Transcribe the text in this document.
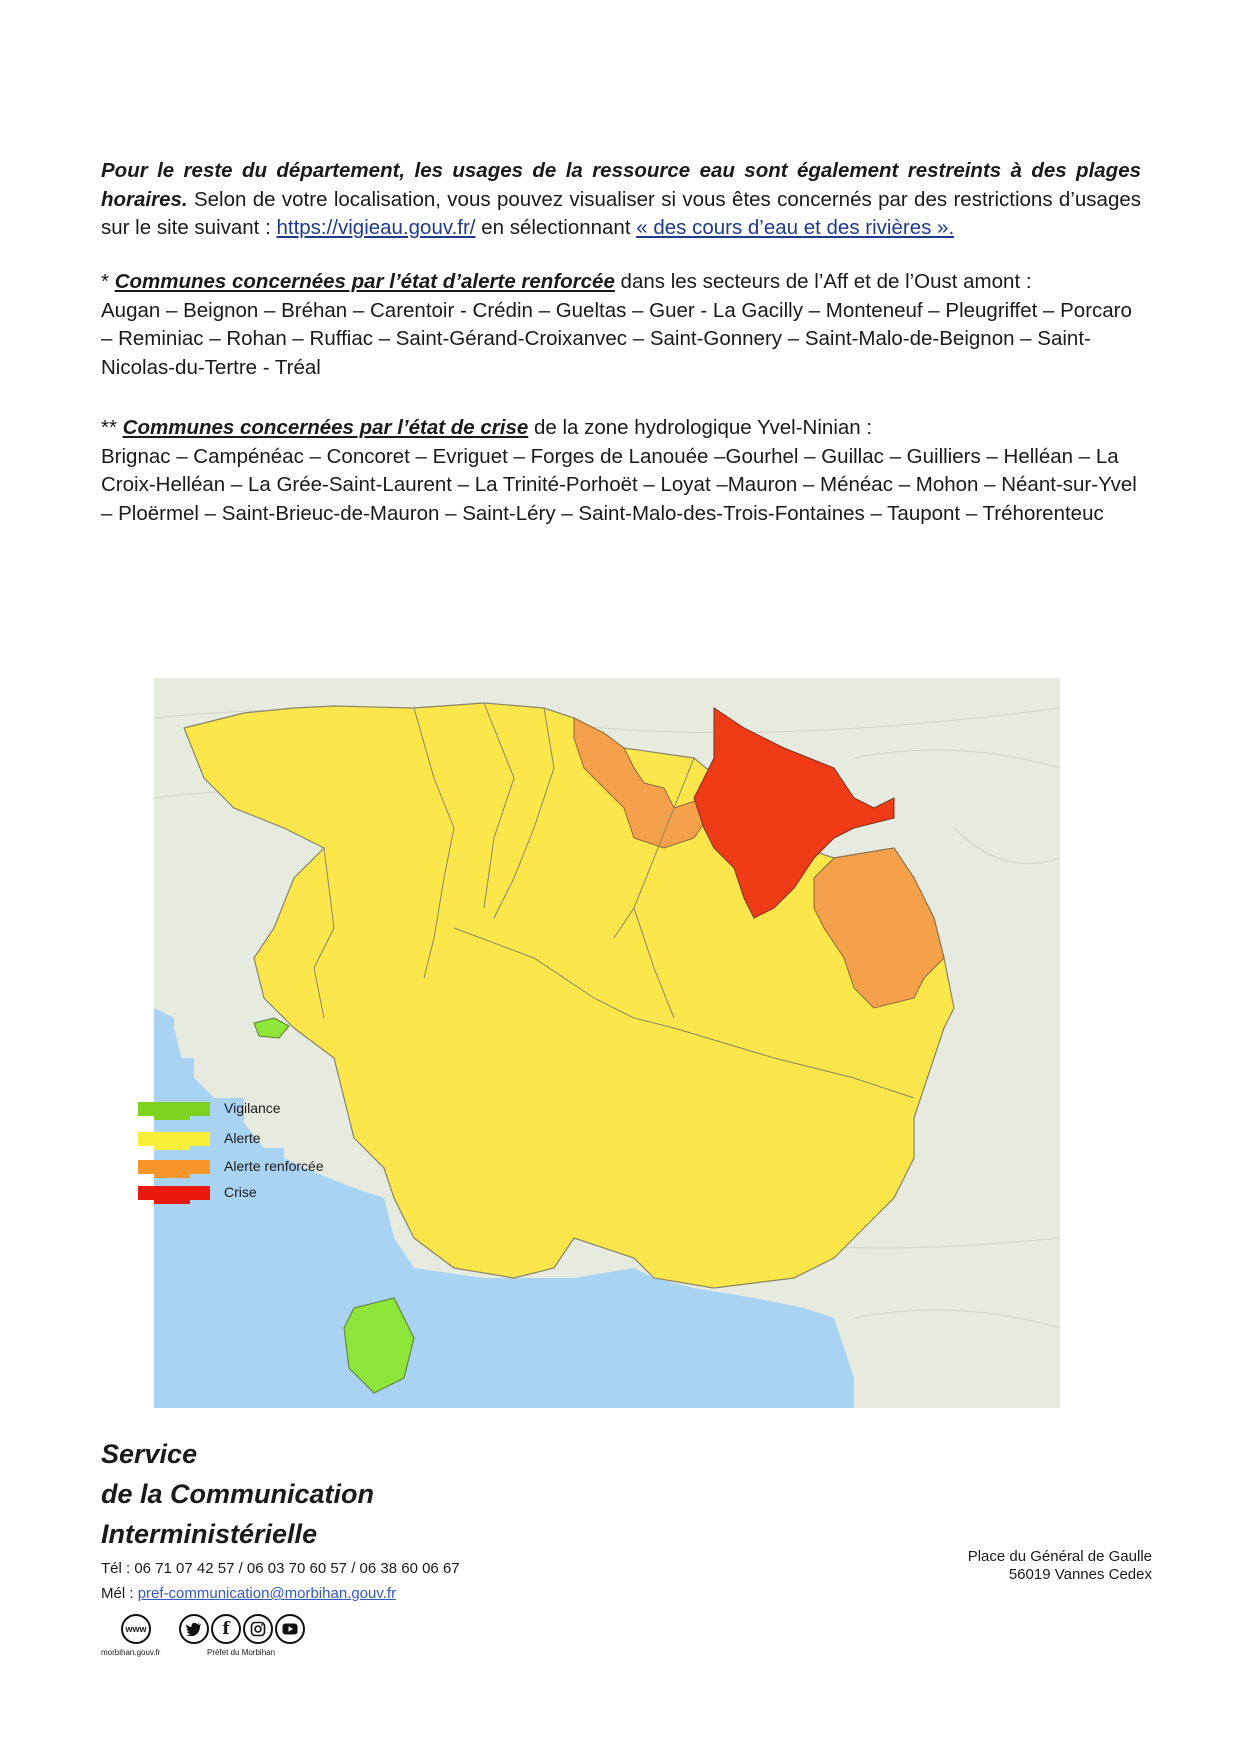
Pour le reste du département, les usages de la ressource eau sont également restreints à des plages horaires. Selon de votre localisation, vous pouvez visualiser si vous êtes concernés par des restrictions d’usages sur le site suivant : https://vigieau.gouv.fr/ en sélectionnant « des cours d’eau et des rivières ».
* Communes concernées par l’état d’alerte renforcée dans les secteurs de l’Aff et de l’Oust amont :
Augan – Beignon – Bréhan – Carentoir - Crédin – Gueltas – Guer - La Gacilly – Monteneuf – Pleugriffet – Porcaro – Reminiac – Rohan – Ruffiac – Saint-Gérand-Croixanvec – Saint-Gonnery – Saint-Malo-de-Beignon – Saint-Nicolas-du-Tertre - Tréal
** Communes concernées par l’état de crise de la zone hydrologique Yvel-Ninian :
Brignac – Campénéac – Concoret – Evriguet – Forges de Lanouée –Gourhel – Guillac – Guilliers – Helléan – La Croix-Helléan – La Grée-Saint-Laurent – La Trinité-Porhoët – Loyat –Mauron – Ménéac – Mohon – Néant-sur-Yvel – Ploërmel – Saint-Brieuc-de-Mauron – Saint-Léry – Saint-Malo-des-Trois-Fontaines – Taupont – Tréhorenteuc
Vigilance
Alerte
Alerte renforcée
Crise
Service
de la Communication
Interministérielle
Tél : 06 71 07 42 57 / 06 03 70 60 57 / 06 38 60 06 67
Mél : pref-communication@morbihan.gouv.fr
Place du Général de Gaulle
56019 Vannes Cedex
www
morbihan.gouv.fr
f
Préfet du Morbihan
